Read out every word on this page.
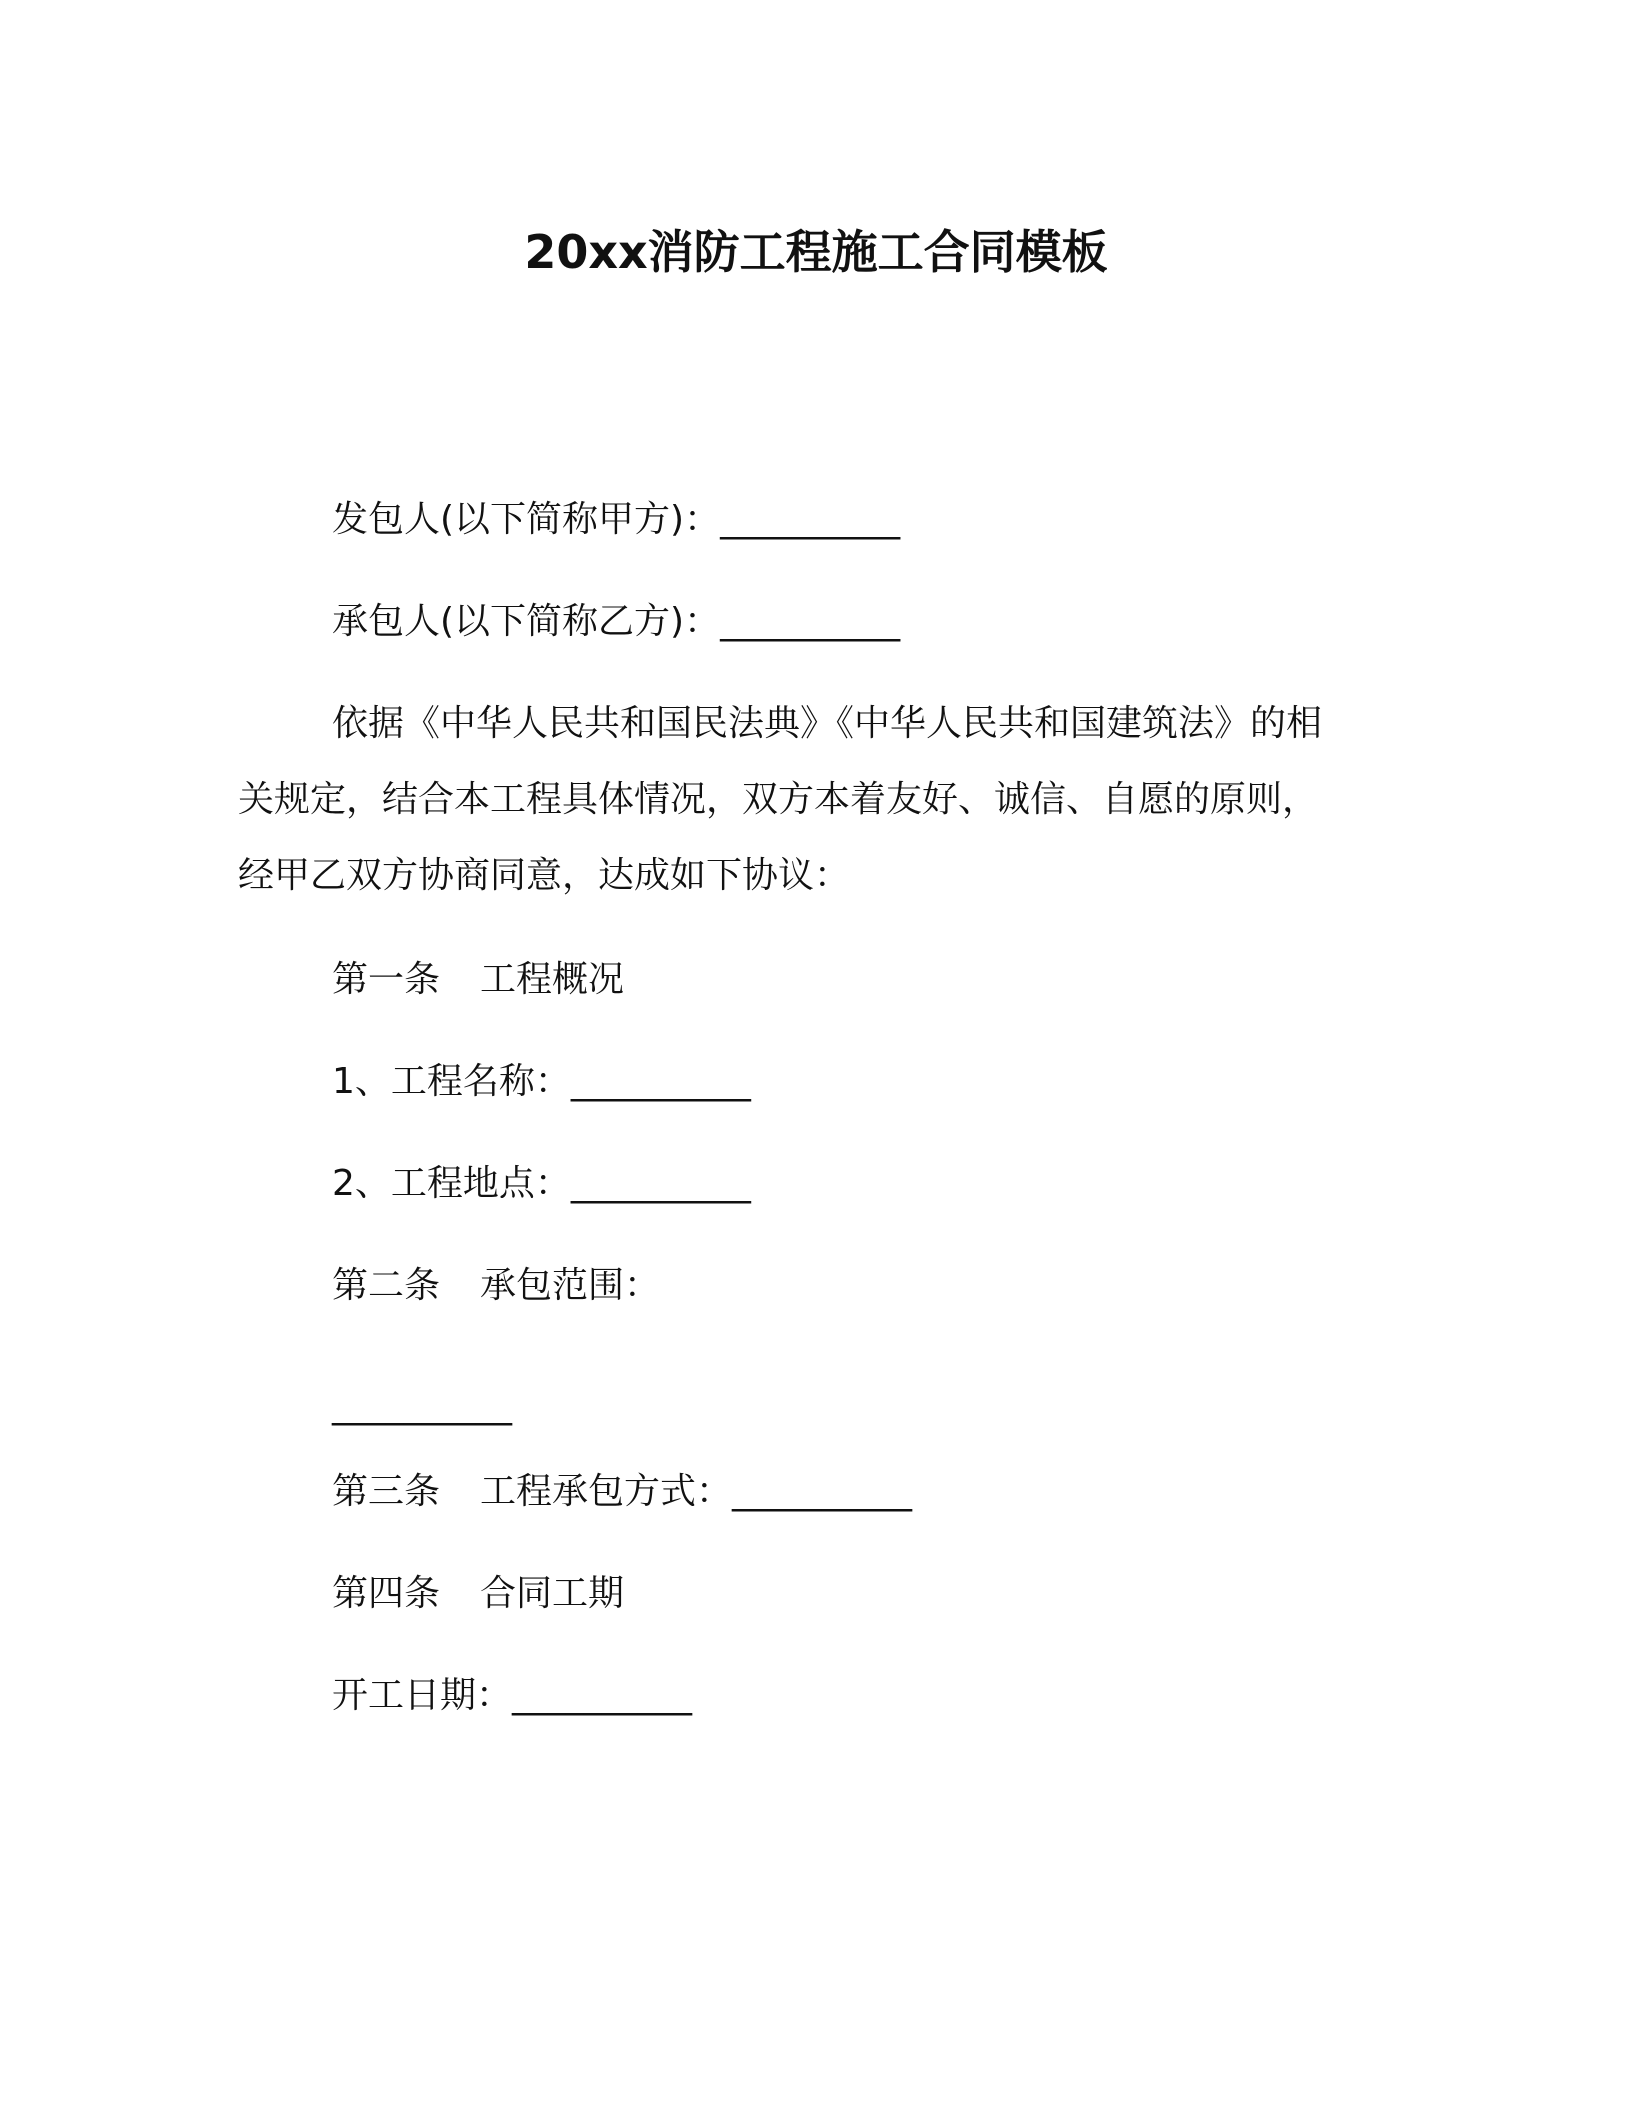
20xx消防工程施工合同模板
发包人(以下简称甲方)：__________
承包人(以下简称乙方)：__________
依据《中华人民共和国民法典》《中华人民共和国建筑法》的相
关规定，结合本工程具体情况，双方本着友好、诚信、自愿的原则，
经甲乙双方协商同意，达成如下协议：
第一条 工程概况
1、工程名称：__________
2、工程地点：__________
第二条 承包范围：
__________
第三条 工程承包方式：__________
第四条 合同工期
开工日期：__________
